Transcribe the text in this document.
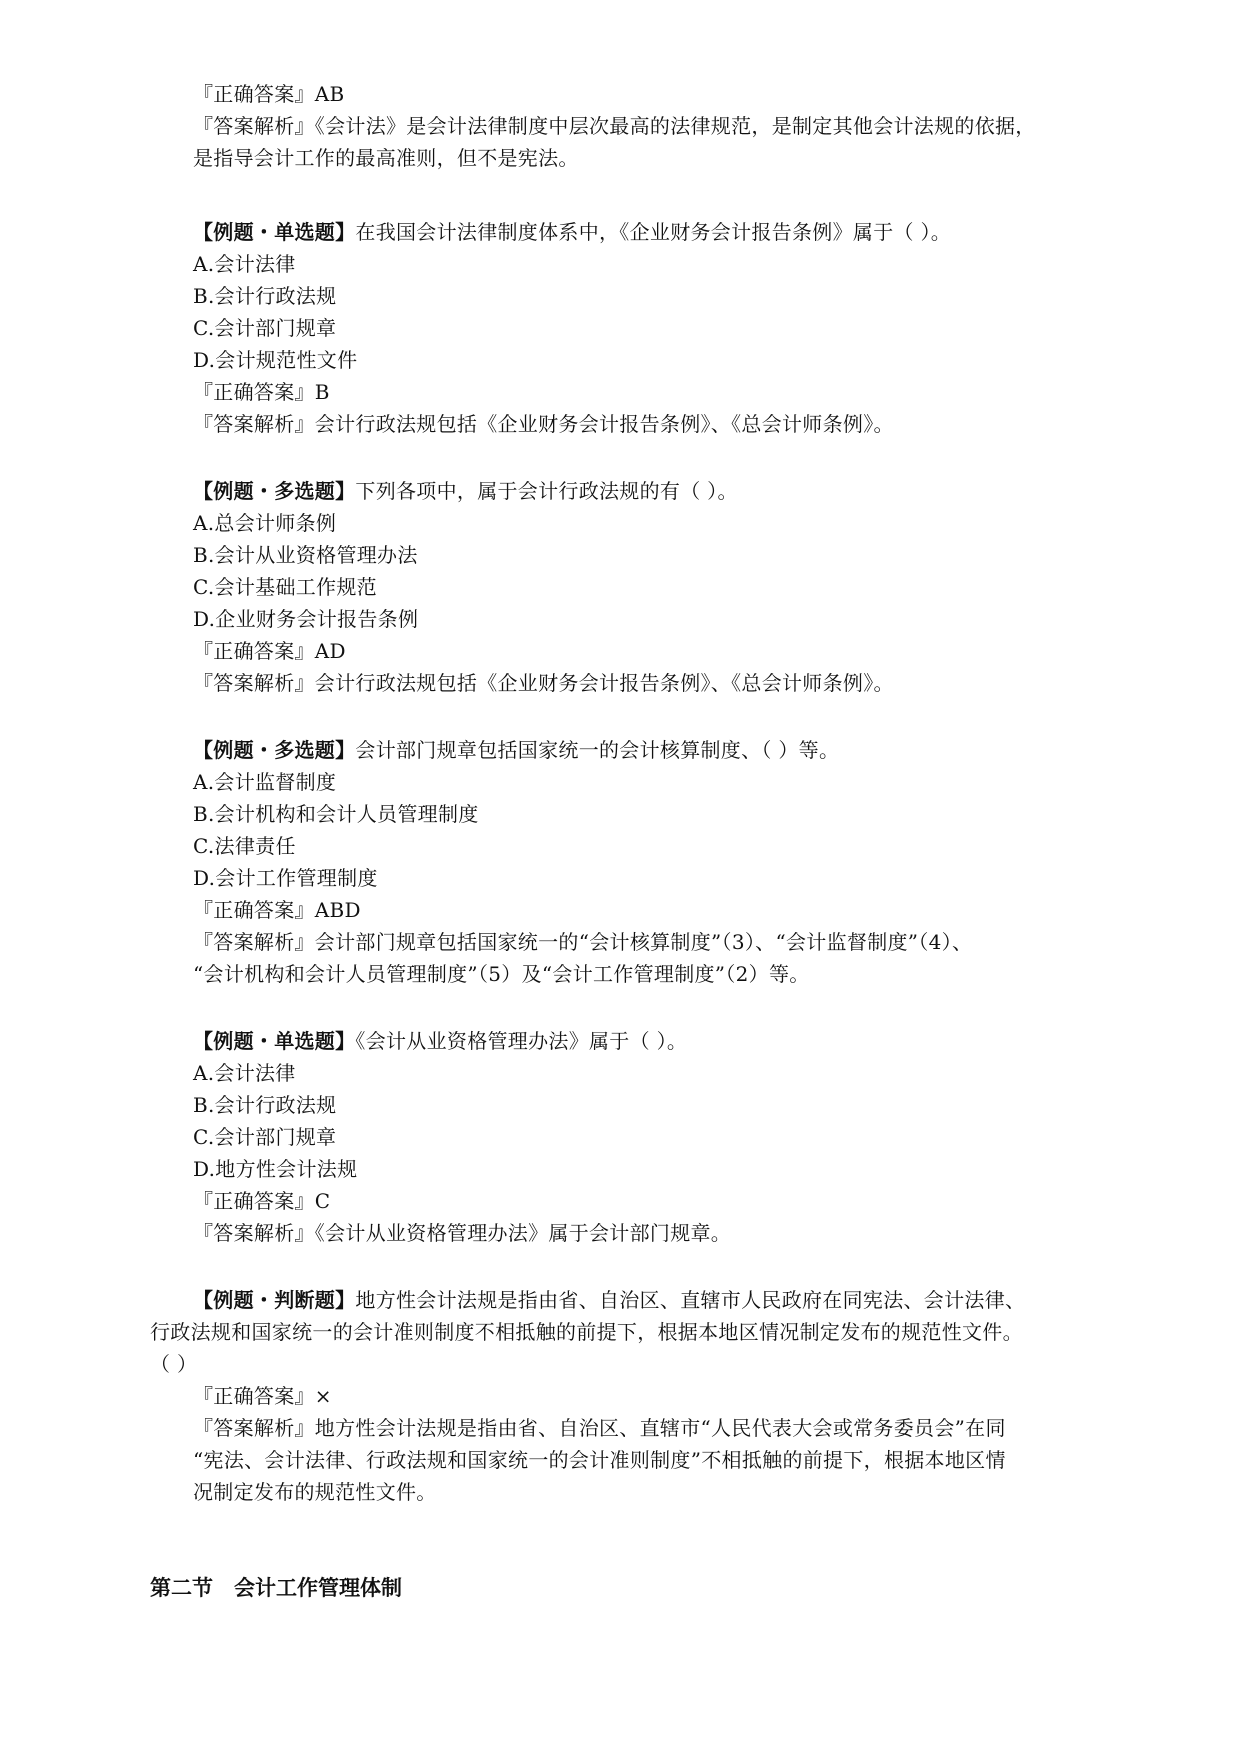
『正确答案』AB
『答案解析』《会计法》是会计法律制度中层次最高的法律规范，是制定其他会计法规的依据，
是指导会计工作的最高准则，但不是宪法。
【例题・单选题】在我国会计法律制度体系中，《企业财务会计报告条例》属于（ ）。
A.会计法律
B.会计行政法规
C.会计部门规章
D.会计规范性文件
『正确答案』B
『答案解析』会计行政法规包括《企业财务会计报告条例》、《总会计师条例》。
【例题・多选题】下列各项中，属于会计行政法规的有（ ）。
A.总会计师条例
B.会计从业资格管理办法
C.会计基础工作规范
D.企业财务会计报告条例
『正确答案』AD
『答案解析』会计行政法规包括《企业财务会计报告条例》、《总会计师条例》。
【例题・多选题】会计部门规章包括国家统一的会计核算制度、（ ）等。
A.会计监督制度
B.会计机构和会计人员管理制度
C.法律责任
D.会计工作管理制度
『正确答案』ABD
『答案解析』会计部门规章包括国家统一的“会计核算制度”（3）、“会计监督制度”（4）、
“会计机构和会计人员管理制度”（5）及“会计工作管理制度”（2）等。
【例题・单选题】《会计从业资格管理办法》属于（ ）。
A.会计法律
B.会计行政法规
C.会计部门规章
D.地方性会计法规
『正确答案』C
『答案解析』《会计从业资格管理办法》属于会计部门规章。
【例题・判断题】地方性会计法规是指由省、自治区、直辖市人民政府在同宪法、会计法律、
行政法规和国家统一的会计准则制度不相抵触的前提下，根据本地区情况制定发布的规范性文件。
（ ）
『正确答案』×
『答案解析』地方性会计法规是指由省、自治区、直辖市“人民代表大会或常务委员会”在同
“宪法、会计法律、行政法规和国家统一的会计准则制度”不相抵触的前提下，根据本地区情
况制定发布的规范性文件。
第二节　会计工作管理体制
